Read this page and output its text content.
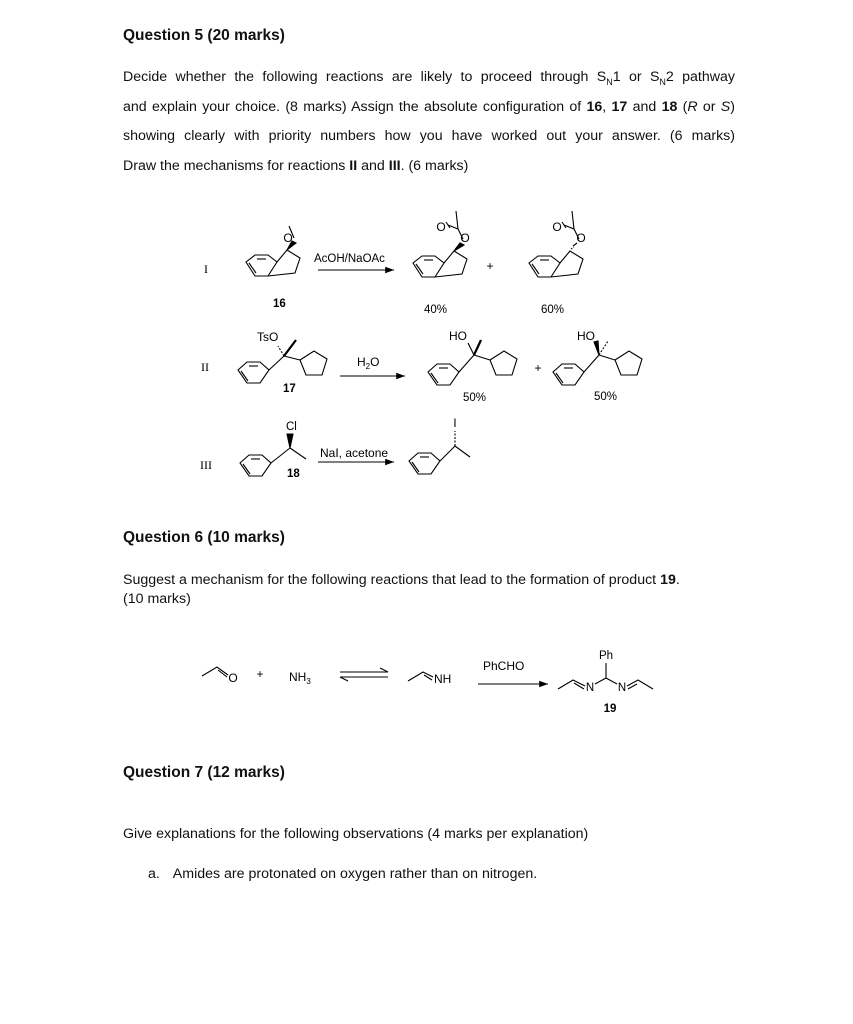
Question 5 (20 marks)
Decide whether the following reactions are likely to proceed through $S_N1$ or $S_N2$ pathway
and explain your choice. (8 marks) Assign the absolute configuration of 16, 17 and 18 (R or S)
showing clearly with priority numbers how you have worked out your answer. (6 marks)
Draw the mechanisms for reactions II and III. (6 marks)
I
II
III
O
16
AcOH/NaOAc
O
O
+
O
O
40%	60%
TsO
17
$H_2O$
HO
+
HO
50%	50%
Cl
18
NaI, acetone
I
Question 6 (10 marks)
Suggest a mechanism for the following reactions that lead to the formation of product 19.
(10 marks)
$O + NH_3$	NH
PhCHO
Ph
N N
19
Question 7 (12 marks)
Give explanations for the following observations (4 marks per explanation)
a. Amides are protonated on oxygen rather than on nitrogen.
